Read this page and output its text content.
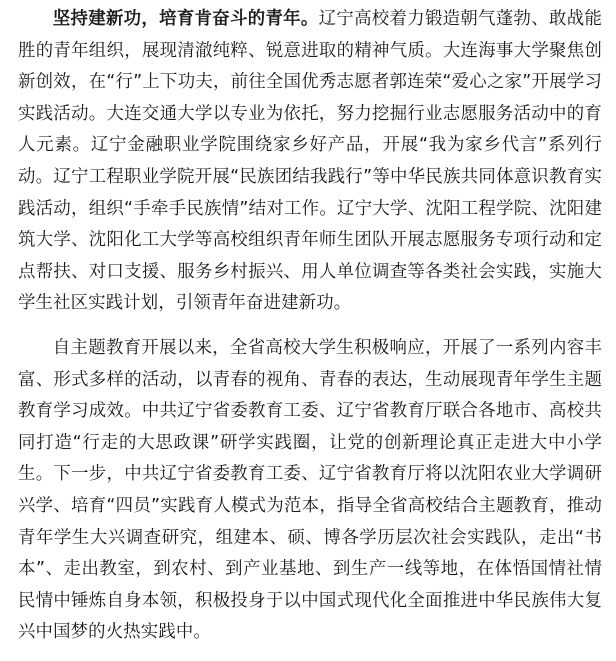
坚持建新功，培育肯奋斗的青年。辽宁高校着力锻造朝气蓬勃、敢战能胜的青年组织，展现清澈纯粹、锐意进取的精神气质。大连海事大学聚焦创新创效，在“行”上下功夫，前往全国优秀志愿者郭连荣“爱心之家”开展学习实践活动。大连交通大学以专业为依托，努力挖掘行业志愿服务活动中的育人元素。辽宁金融职业学院围绕家乡好产品，开展“我为家乡代言”系列行动。辽宁工程职业学院开展“民族团结我践行”等中华民族共同体意识教育实践活动，组织“手牵手民族情”结对工作。辽宁大学、沈阳工程学院、沈阳建筑大学、沈阳化工大学等高校组织青年师生团队开展志愿服务专项行动和定点帮扶、对口支援、服务乡村振兴、用人单位调查等各类社会实践，实施大学生社区实践计划，引领青年奋进建新功。

自主题教育开展以来，全省高校大学生积极响应，开展了一系列内容丰富、形式多样的活动，以青春的视角、青春的表达，生动展现青年学生主题教育学习成效。中共辽宁省委教育工委、辽宁省教育厅联合各地市、高校共同打造“行走的大思政课”研学实践圈，让党的创新理论真正走进大中小学生。下一步，中共辽宁省委教育工委、辽宁省教育厅将以沈阳农业大学调研兴学、培育“四员”实践育人模式为范本，指导全省高校结合主题教育，推动青年学生大兴调查研究，组建本、硕、博各学历层次社会实践队，走出“书本”、走出教室，到农村、到产业基地、到生产一线等地，在体悟国情社情民情中锤炼自身本领，积极投身于以中国式现代化全面推进中华民族伟大复兴中国梦的火热实践中。
